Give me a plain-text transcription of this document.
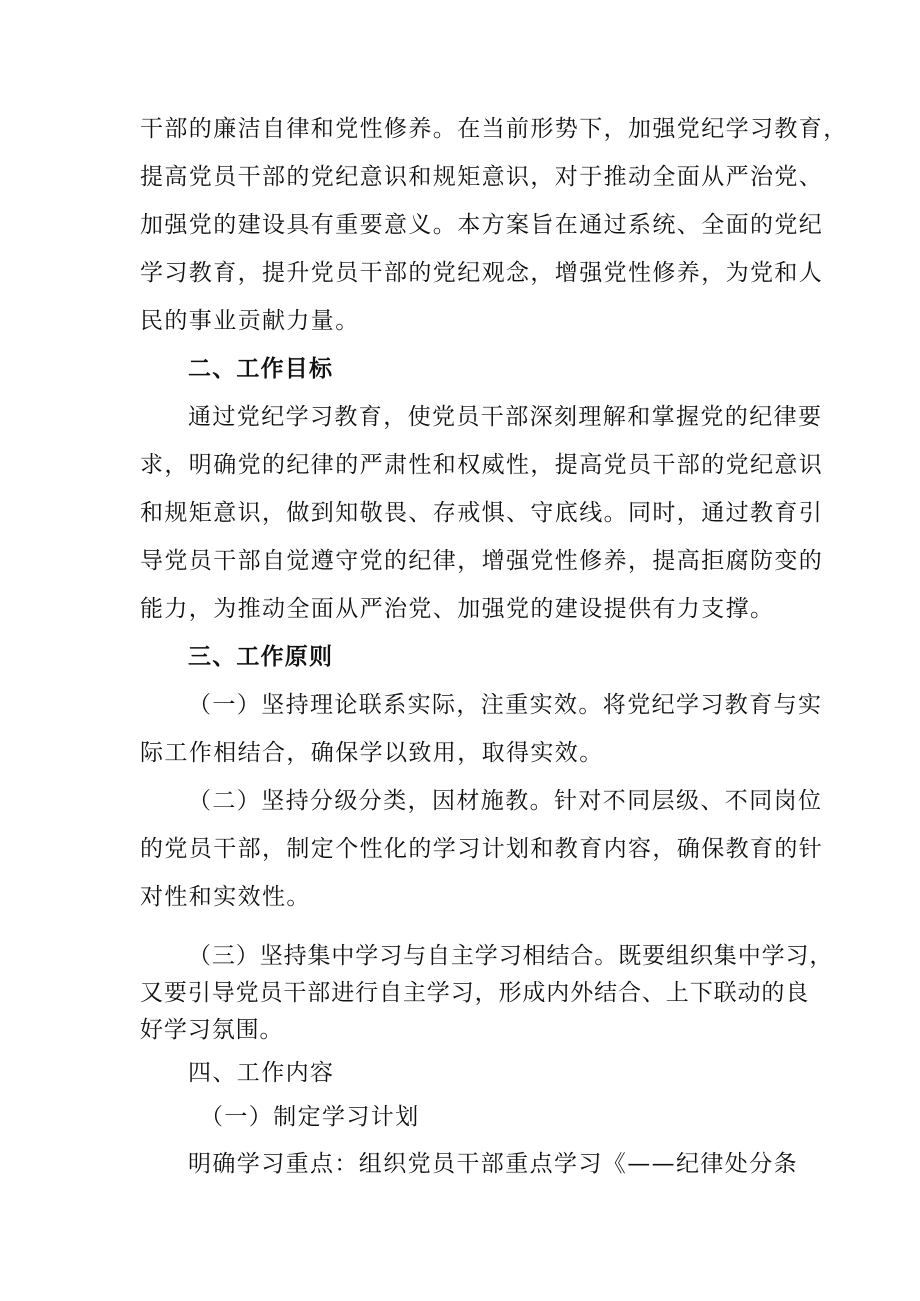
干部的廉洁自律和党性修养。在当前形势下，加强党纪学习教育，
提高党员干部的党纪意识和规矩意识，对于推动全面从严治党、
加强党的建设具有重要意义。本方案旨在通过系统、全面的党纪
学习教育，提升党员干部的党纪观念，增强党性修养，为党和人
民的事业贡献力量。
二、工作目标
通过党纪学习教育，使党员干部深刻理解和掌握党的纪律要
求，明确党的纪律的严肃性和权威性，提高党员干部的党纪意识
和规矩意识，做到知敬畏、存戒惧、守底线。同时，通过教育引
导党员干部自觉遵守党的纪律，增强党性修养，提高拒腐防变的
能力，为推动全面从严治党、加强党的建设提供有力支撑。
三、工作原则
（一）坚持理论联系实际，注重实效。将党纪学习教育与实
际工作相结合，确保学以致用，取得实效。
（二）坚持分级分类，因材施教。针对不同层级、不同岗位
的党员干部，制定个性化的学习计划和教育内容，确保教育的针
对性和实效性。
（三）坚持集中学习与自主学习相结合。既要组织集中学习，
又要引导党员干部进行自主学习，形成内外结合、上下联动的良
好学习氛围。
四、工作内容
（一）制定学习计划
明确学习重点：组织党员干部重点学习《——纪律处分条
